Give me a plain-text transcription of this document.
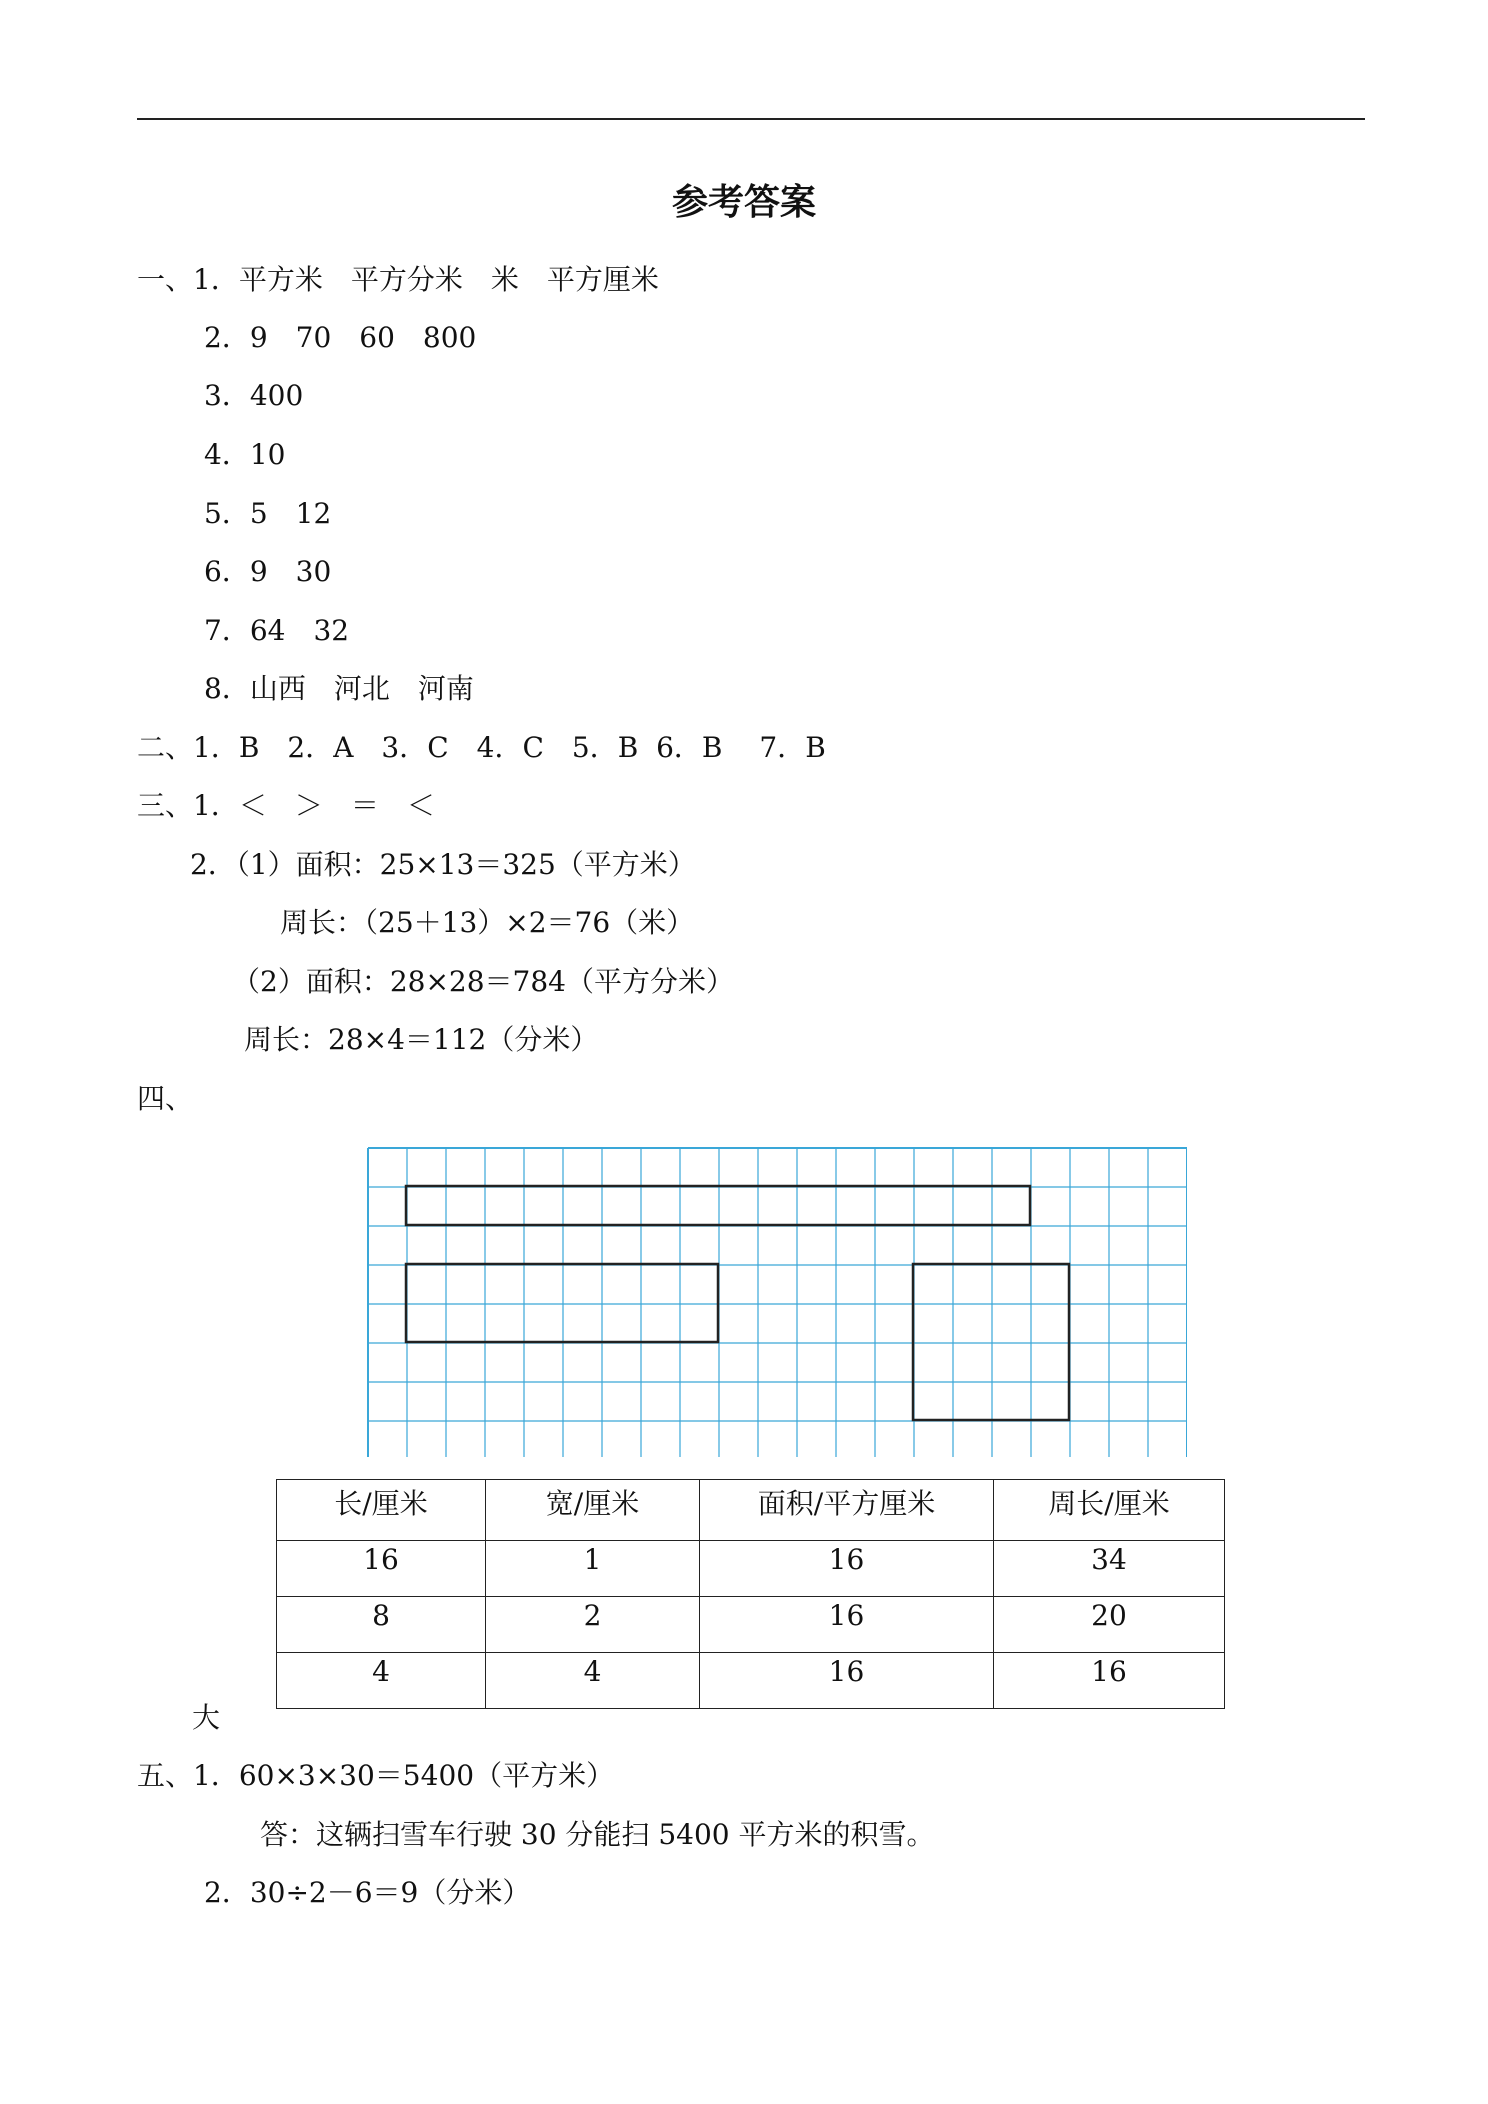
参考答案
一、1．平方米　平方分米　米　平方厘米
2．9　70　60　800
3．400
4．10
5．5　12
6．9　30
7．64　32
8．山西　河北　河南
二、1．B　2．A　3．C　4．C　5．B  6．B　 7．B
三、1．＜　＞　＝　＜
2．（1）面积：25×13＝325（平方米）
周长：（25＋13）×2＝76（米）
（2）面积：28×28＝784（平方分米）
周长：28×4＝112（分米）
四、
长/厘米	宽/厘米	面积/平方厘米	周长/厘米
16	1	16	34
8	2	16	20
4	4	16	16
大
五、1．60×3×30＝5400（平方米）
答：这辆扫雪车行驶 30 分能扫 5400 平方米的积雪。
2．30÷2－6＝9（分米）
